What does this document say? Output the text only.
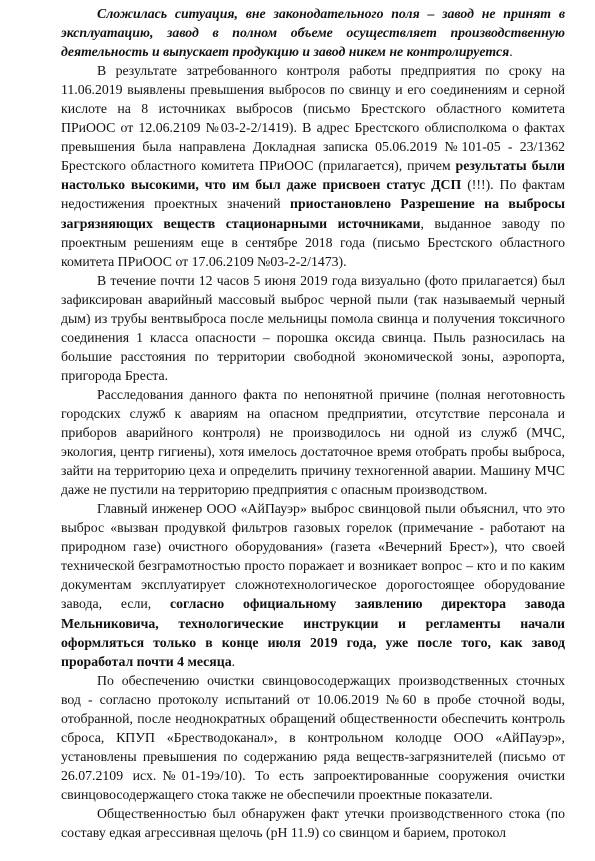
Сложилась ситуация, вне законодательного поля – завод не принят в эксплуатацию, завод в полном объеме осуществляет производственную деятельность и выпускает продукцию и завод никем не контролируется.

В результате затребованного контроля работы предприятия по сроку на 11.06.2019 выявлены превышения выбросов по свинцу и его соединениям и серной кислоте на 8 источниках выбросов (письмо Брестского областного комитета ПРиООС от 12.06.2109 №03-2-2/1419). В адрес Брестского облисполкома о фактах превышения была направлена Докладная записка 05.06.2019 №101-05 - 23/1362 Брестского областного комитета ПРиООС (прилагается), причем результаты были настолько высокими, что им был даже присвоен статус ДСП (!!!). По фактам недостижения проектных значений приостановлено Разрешение на выбросы загрязняющих веществ стационарными источниками, выданное заводу по проектным решениям еще в сентябре 2018 года (письмо Брестского областного комитета ПРиООС от 17.06.2109 №03-2-2/1473).

В течение почти 12 часов 5 июня 2019 года визуально (фото прилагается) был зафиксирован аварийный массовый выброс черной пыли (так называемый черный дым) из трубы вентвыброса после мельницы помола свинца и получения токсичного соединения 1 класса опасности – порошка оксида свинца. Пыль разносилась на большие расстояния по территории свободной экономической зоны, аэропорта, пригорода Бреста.

Расследования данного факта по непонятной причине (полная неготовность городских служб к авариям на опасном предприятии, отсутствие персонала и приборов аварийного контроля) не производилось ни одной из служб (МЧС, экология, центр гигиены), хотя имелось достаточное время отобрать пробы выброса, зайти на территорию цеха и определить причину техногенной аварии. Машину МЧС даже не пустили на территорию предприятия с опасным производством.

Главный инженер ООО «АйПауэр» выброс свинцовой пыли объяснил, что это выброс «вызван продувкой фильтров газовых горелок (примечание - работают на природном газе) очистного оборудования» (газета «Вечерний Брест»), что своей технической безграмотностью просто поражает и возникает вопрос – кто и по каким документам эксплуатирует сложнотехнологическое дорогостоящее оборудование завода, если, согласно официальному заявлению директора завода Мельниковича, технологические инструкции и регламенты начали оформляться только в конце июля 2019 года, уже после того, как завод проработал почти 4 месяца.

По обеспечению очистки свинцовосодержащих производственных сточных вод - согласно протоколу испытаний от 10.06.2019 №60 в пробе сточной воды, отобранной, после неоднократных обращений общественности обеспечить контроль сброса, КПУП «Брестводоканал», в контрольном колодце ООО «АйПауэр», установлены превышения по содержанию ряда веществ-загрязнителей (письмо от 26.07.2109 исх.№01-19э/10). То есть запроектированные сооружения очистки свинцовосодержащего стока также не обеспечили проектные показатели.

Общественностью был обнаружен факт утечки производственного стока (по составу едкая агрессивная щелочь (рН 11.9) со свинцом и барием, протокол
